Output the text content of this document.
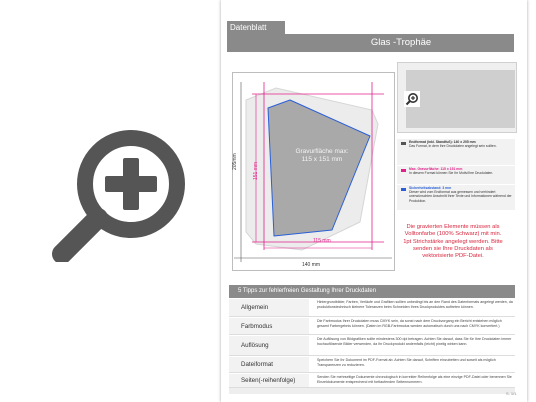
Datenblatt
Glas -Trophäe
Gravurfläche max:
115 x 151 mm
115 mm
140 mm
205mm
151 mm
Endformat (inkl. Standfuß): 140 x 205 mm
Das Format, in dem Ihre Druckdaten angelegt sein sollten.
Max. Gravurfläche: 115 x 151 mm
In diesem Format können Sie Ihr Motiv/Ihre Druckdaten.
Sicherheitsabstand: 3 mm
Dieser wird vom Endformat aus gemessen und verhindert unerwünschten Anschnitt Ihrer Texte und Informationen während der Produktion.
Die gravierten Elemente müssen als Volltonfarbe (100% Schwarz) mit min. 1pt Strichstärke angelegt werden. Bitte senden sie Ihre Druckdaten als vektorisierte PDF-Datei.
5 Tipps zur fehlerfreien Gestaltung Ihrer Druckdaten
Allgemein
Hintergrundbilder, Farben, Verläufe und Grafiken sollten unbedingt bis an den Rand des Datenformats angelegt werden, da produktionstechnisch kleinere Toleranzen beim Schneiden Ihres Druckproduktes auftreten können.
Farbmodus
Die Farbmodus Ihrer Druckdaten muss CMYK sein, da sonst nach dem Druckvorgang ein Bericht entstehen möglich gesamt Farbergebnis können. (Daten im RGB-Farbmodus werden automatisch durch uns nach CMYK konvertiert.)
Auflösung
Die Auflösung von Bildgrafiken sollte mindestens 300 dpi betragen. Achten Sie darauf, dass Sie für Ihre Druckdaten immer hochauflösende Bilder verwenden, da Ihr Druckprodukt andernfalls (leicht) pixelig wirken kann.
Dateiformat
Speichern Sie Ihr Dokument im PDF-Format ab. Achten Sie darauf, Schriften einzubetten und soweit als möglich Transparenzen zu reduzieren.
Seiten(-reihenfolge)	Senden Sie mehrseitige Dokumente chronologisch in korrekter Reihenfolge als eine einzige PDF-Datei oder benennen Sie Einzeldokumente entsprechend mit fortlaufenden Seitennummern.
S. 1/1
